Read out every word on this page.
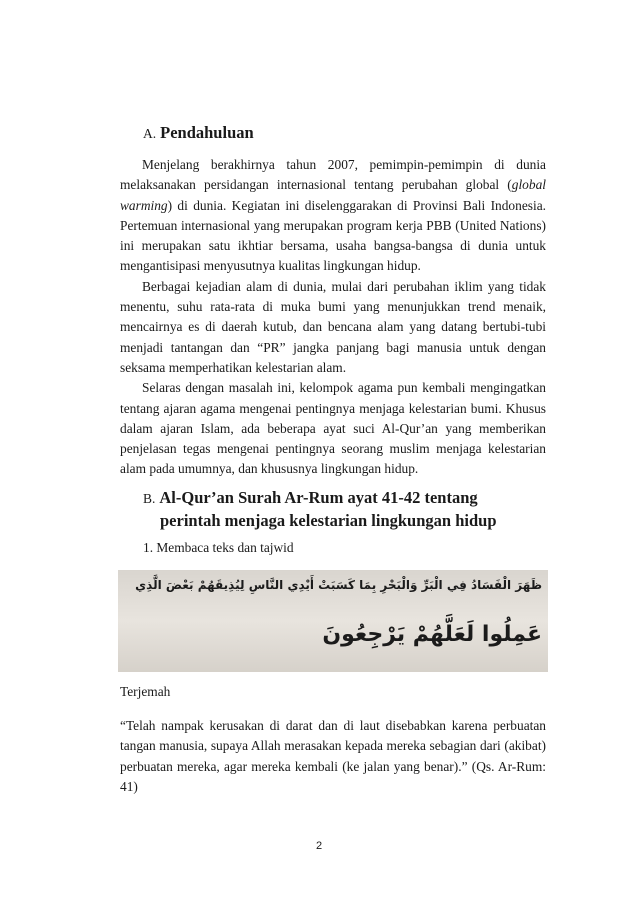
A. Pendahuluan

Menjelang berakhirnya tahun 2007, pemimpin-pemimpin di dunia melaksanakan persidangan internasional tentang perubahan global (global warming) di dunia. Kegiatan ini diselenggarakan di Provinsi Bali Indonesia. Pertemuan internasional yang merupakan program kerja PBB (United Nations) ini merupakan satu ikhtiar bersama, usaha bangsa-bangsa di dunia untuk mengantisipasi menyusutnya kualitas lingkungan hidup.

Berbagai kejadian alam di dunia, mulai dari perubahan iklim yang tidak menentu, suhu rata-rata di muka bumi yang menunjukkan trend menaik, mencairnya es di daerah kutub, dan bencana alam yang datang bertubi-tubi menjadi tantangan dan “PR” jangka panjang bagi manusia untuk dengan seksama memperhatikan kelestarian alam.

Selaras dengan masalah ini, kelompok agama pun kembali mengingatkan tentang ajaran agama mengenai pentingnya menjaga kelestarian bumi. Khusus dalam ajaran Islam, ada beberapa ayat suci Al-Qur’an yang memberikan penjelasan tegas mengenai pentingnya seorang muslim menjaga kelestarian alam pada umumnya, dan khususnya lingkungan hidup.

B. Al-Qur’an Surah Ar-Rum ayat 41-42 tentang
perintah menjaga kelestarian lingkungan hidup
1. Membaca teks dan tajwid
ظَهَرَ الْفَسَادُ فِي الْبَرِّ وَالْبَحْرِ بِمَا كَسَبَتْ أَيْدِي النَّاسِ لِيُذِيقَهُمْ بَعْضَ الَّذِي
عَمِلُوا لَعَلَّهُمْ يَرْجِعُونَ

Terjemah

“Telah nampak kerusakan di darat dan di laut disebabkan karena perbuatan tangan manusia, supaya Allah merasakan kepada mereka sebagian dari (akibat) perbuatan mereka, agar mereka kembali (ke jalan yang benar).” (Qs. Ar-Rum: 41)

2
